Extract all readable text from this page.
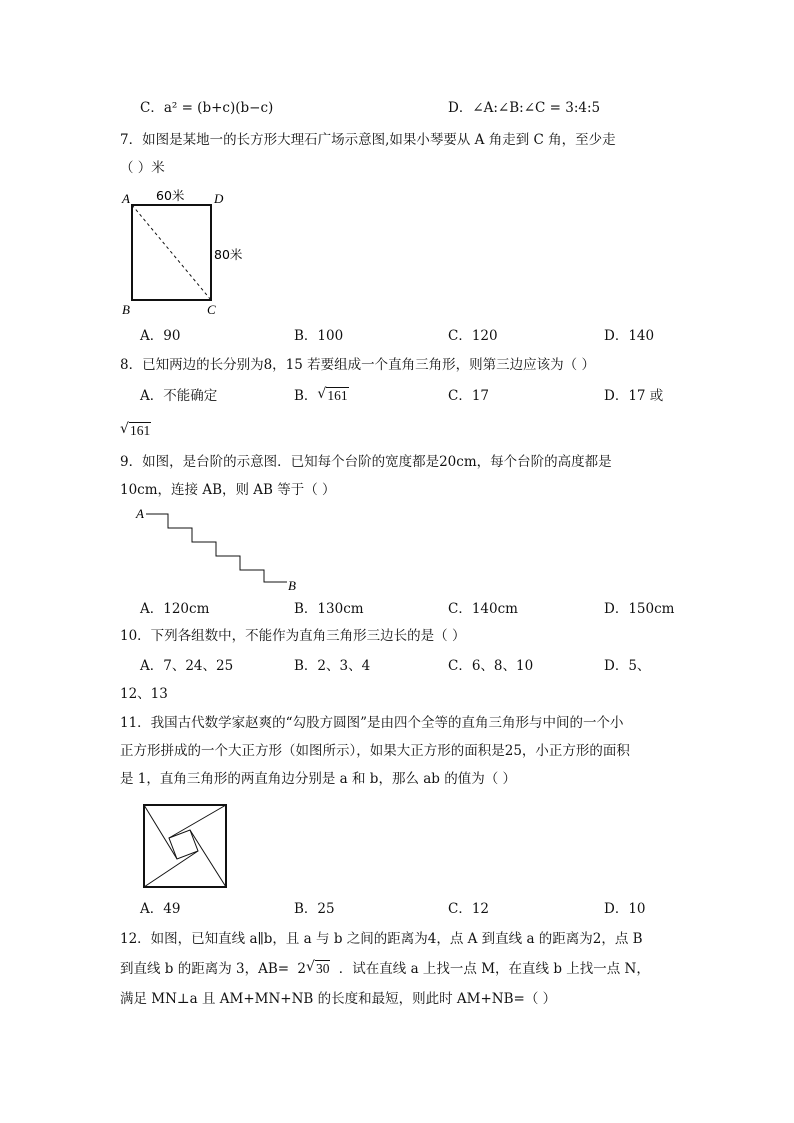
C．a² = (b+c)(b−c)	D．∠A:∠B:∠C = 3:4:5
7．如图是某地一的长方形大理石广场示意图,如果小琴要从 A 角走到 C 角，至少走
（ ）米
A	D
B	C
60米
80米
A．90	B．100	C．120	D．140
8．已知两边的长分别为8，15 若要组成一个直角三角形，则第三边应该为（ ）
A．不能确定	B． √ 161	C．17	D．17 或
√ 161
9．如图，是台阶的示意图．已知每个台阶的宽度都是20cm，每个台阶的高度都是
10cm，连接 AB，则 AB 等于（ ）
A
B
A．120cm	B．130cm	C．140cm	D．150cm
10．下列各组数中，不能作为直角三角形三边长的是（ ）
A．7、24、25	B．2、3、4	C．6、8、10	D．5、
12、13
11．我国古代数学家赵爽的“勾股方圆图”是由四个全等的直角三角形与中间的一个小
正方形拼成的一个大正方形（如图所示），如果大正方形的面积是25，小正方形的面积
是 1，直角三角形的两直角边分别是 a 和 b，那么 ab 的值为（ ）
A．49	B．25	C．12	D．10
12．如图，已知直线 a∥b，且 a 与 b 之间的距离为4，点 A 到直线 a 的距离为2，点 B
到直线 b 的距离为 3，AB= 2 √ 30 ．试在直线 a 上找一点 M，在直线 b 上找一点 N，
满足 MN⊥a 且 AM+MN+NB 的长度和最短，则此时 AM+NB=（ ）
